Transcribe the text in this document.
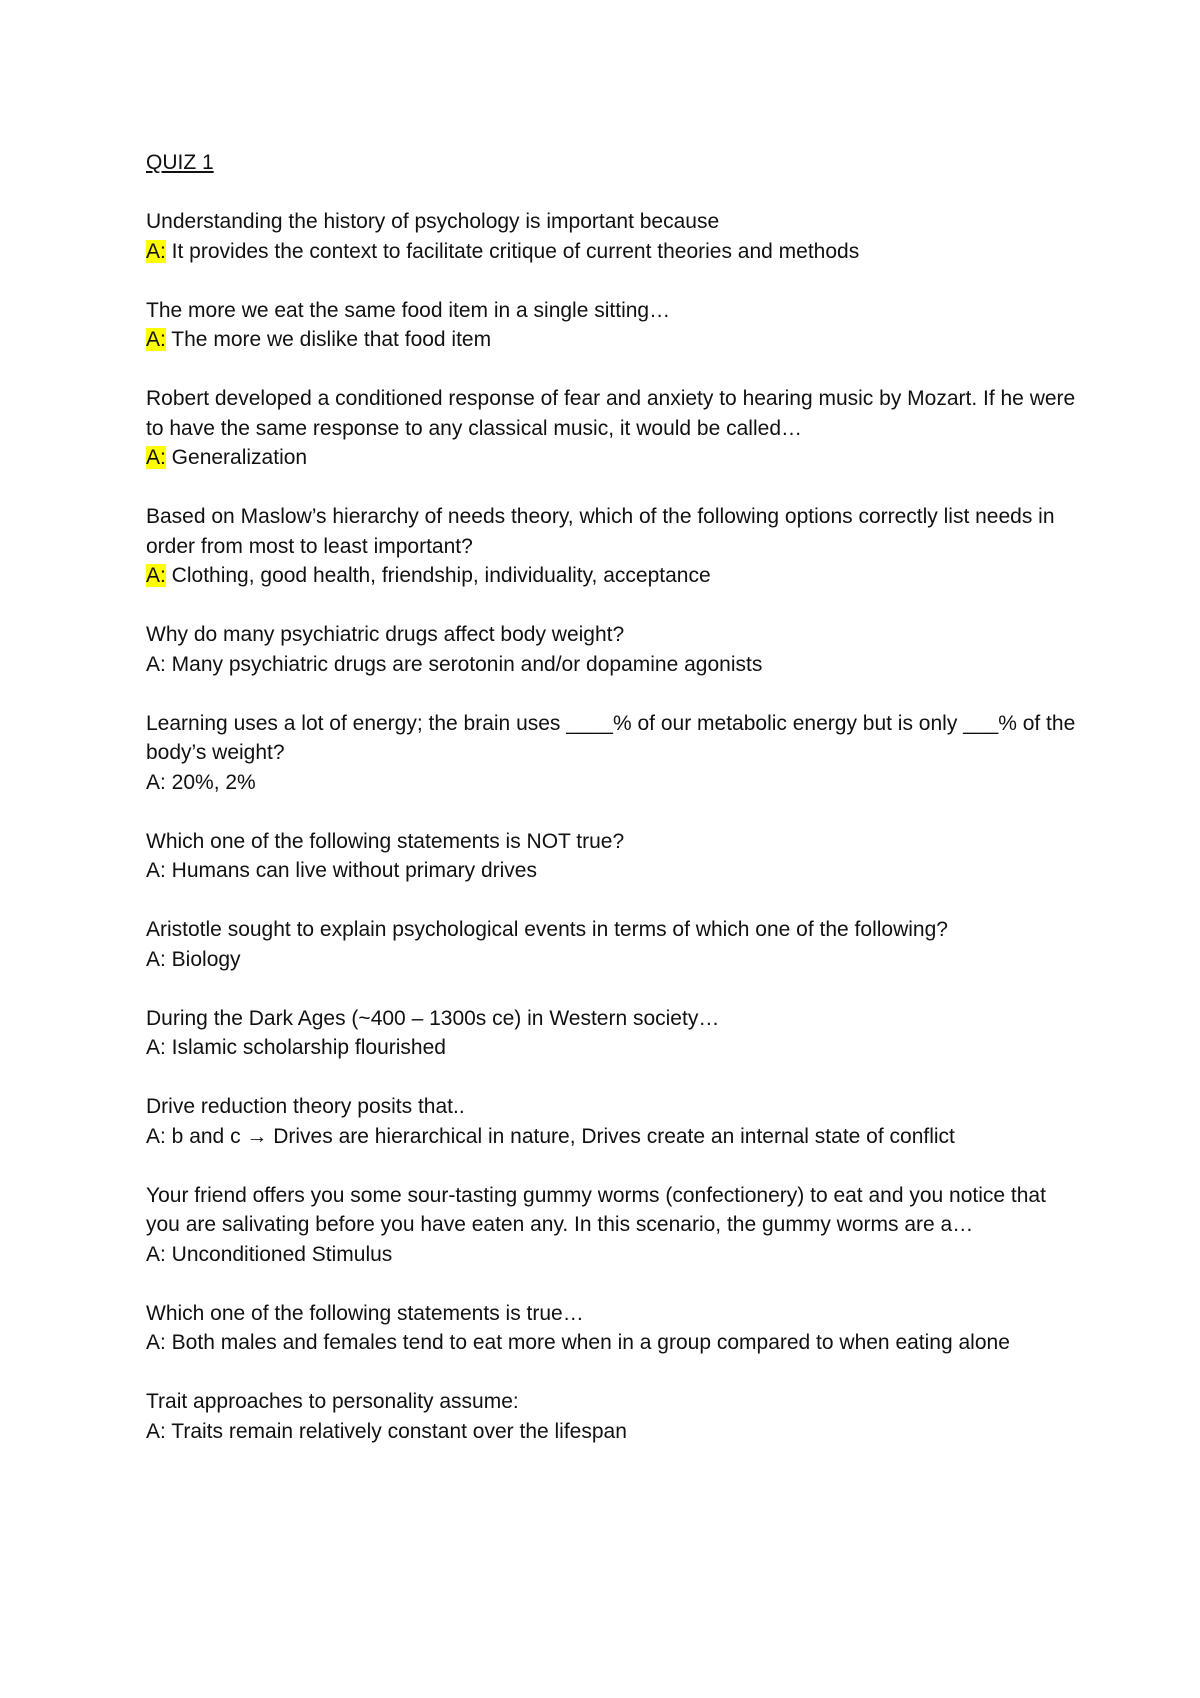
QUIZ 1

Understanding the history of psychology is important because

A: It provides the context to facilitate critique of current theories and methods

The more we eat the same food item in a single sitting…

A: The more we dislike that food item

Robert developed a conditioned response of fear and anxiety to hearing music by Mozart. If he were to have the same response to any classical music, it would be called…

A: Generalization

Based on Maslow’s hierarchy of needs theory, which of the following options correctly list needs in order from most to least important?

A: Clothing, good health, friendship, individuality, acceptance

Why do many psychiatric drugs affect body weight?

A: Many psychiatric drugs are serotonin and/or dopamine agonists

Learning uses a lot of energy; the brain uses ____% of our metabolic energy but is only ___% of the body’s weight?

A: 20%, 2%

Which one of the following statements is NOT true?

A: Humans can live without primary drives

Aristotle sought to explain psychological events in terms of which one of the following?

A: Biology

During the Dark Ages (~400 – 1300s ce) in Western society…

A: Islamic scholarship flourished

Drive reduction theory posits that..

A: b and c → Drives are hierarchical in nature, Drives create an internal state of conflict

Your friend offers you some sour-tasting gummy worms (confectionery) to eat and you notice that you are salivating before you have eaten any. In this scenario, the gummy worms are a…

A: Unconditioned Stimulus

Which one of the following statements is true…

A: Both males and females tend to eat more when in a group compared to when eating alone

Trait approaches to personality assume:

A: Traits remain relatively constant over the lifespan
